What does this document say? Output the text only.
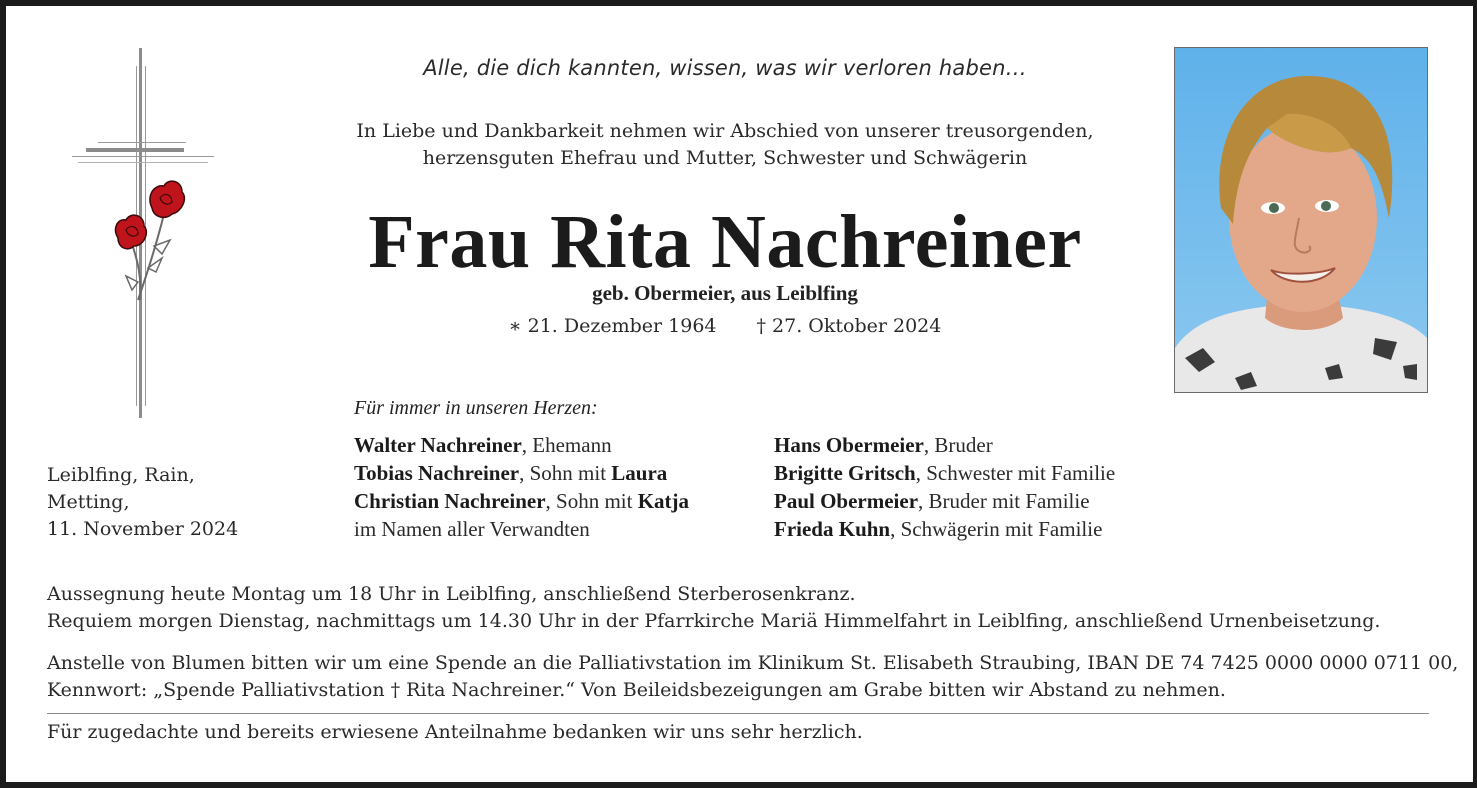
Alle, die dich kannten, wissen, was wir verloren haben…
In Liebe und Dankbarkeit nehmen wir Abschied von unserer treusorgenden,
herzensguten Ehefrau und Mutter, Schwester und Schwägerin
Frau Rita Nachreiner
geb. Obermeier, aus Leiblfing
∗ 21. Dezember 1964 † 27. Oktober 2024
Leiblfing, Rain,
Metting,
11. November 2024
Für immer in unseren Herzen:
Walter Nachreiner, Ehemann
Tobias Nachreiner, Sohn mit Laura
Christian Nachreiner, Sohn mit Katja
im Namen aller Verwandten
Hans Obermeier, Bruder
Brigitte Gritsch, Schwester mit Familie
Paul Obermeier, Bruder mit Familie
Frieda Kuhn, Schwägerin mit Familie
Aussegnung heute Montag um 18 Uhr in Leiblfing, anschließend Sterberosenkranz.
Requiem morgen Dienstag, nachmittags um 14.30 Uhr in der Pfarrkirche Mariä Himmelfahrt in Leiblfing, anschließend Urnenbeisetzung.
Anstelle von Blumen bitten wir um eine Spende an die Palliativstation im Klinikum St. Elisabeth Straubing, IBAN DE 74 7425 0000 0000 0711 00,
Kennwort: „Spende Palliativstation † Rita Nachreiner.“ Von Beileidsbezeigungen am Grabe bitten wir Abstand zu nehmen.
Für zugedachte und bereits erwiesene Anteilnahme bedanken wir uns sehr herzlich.
